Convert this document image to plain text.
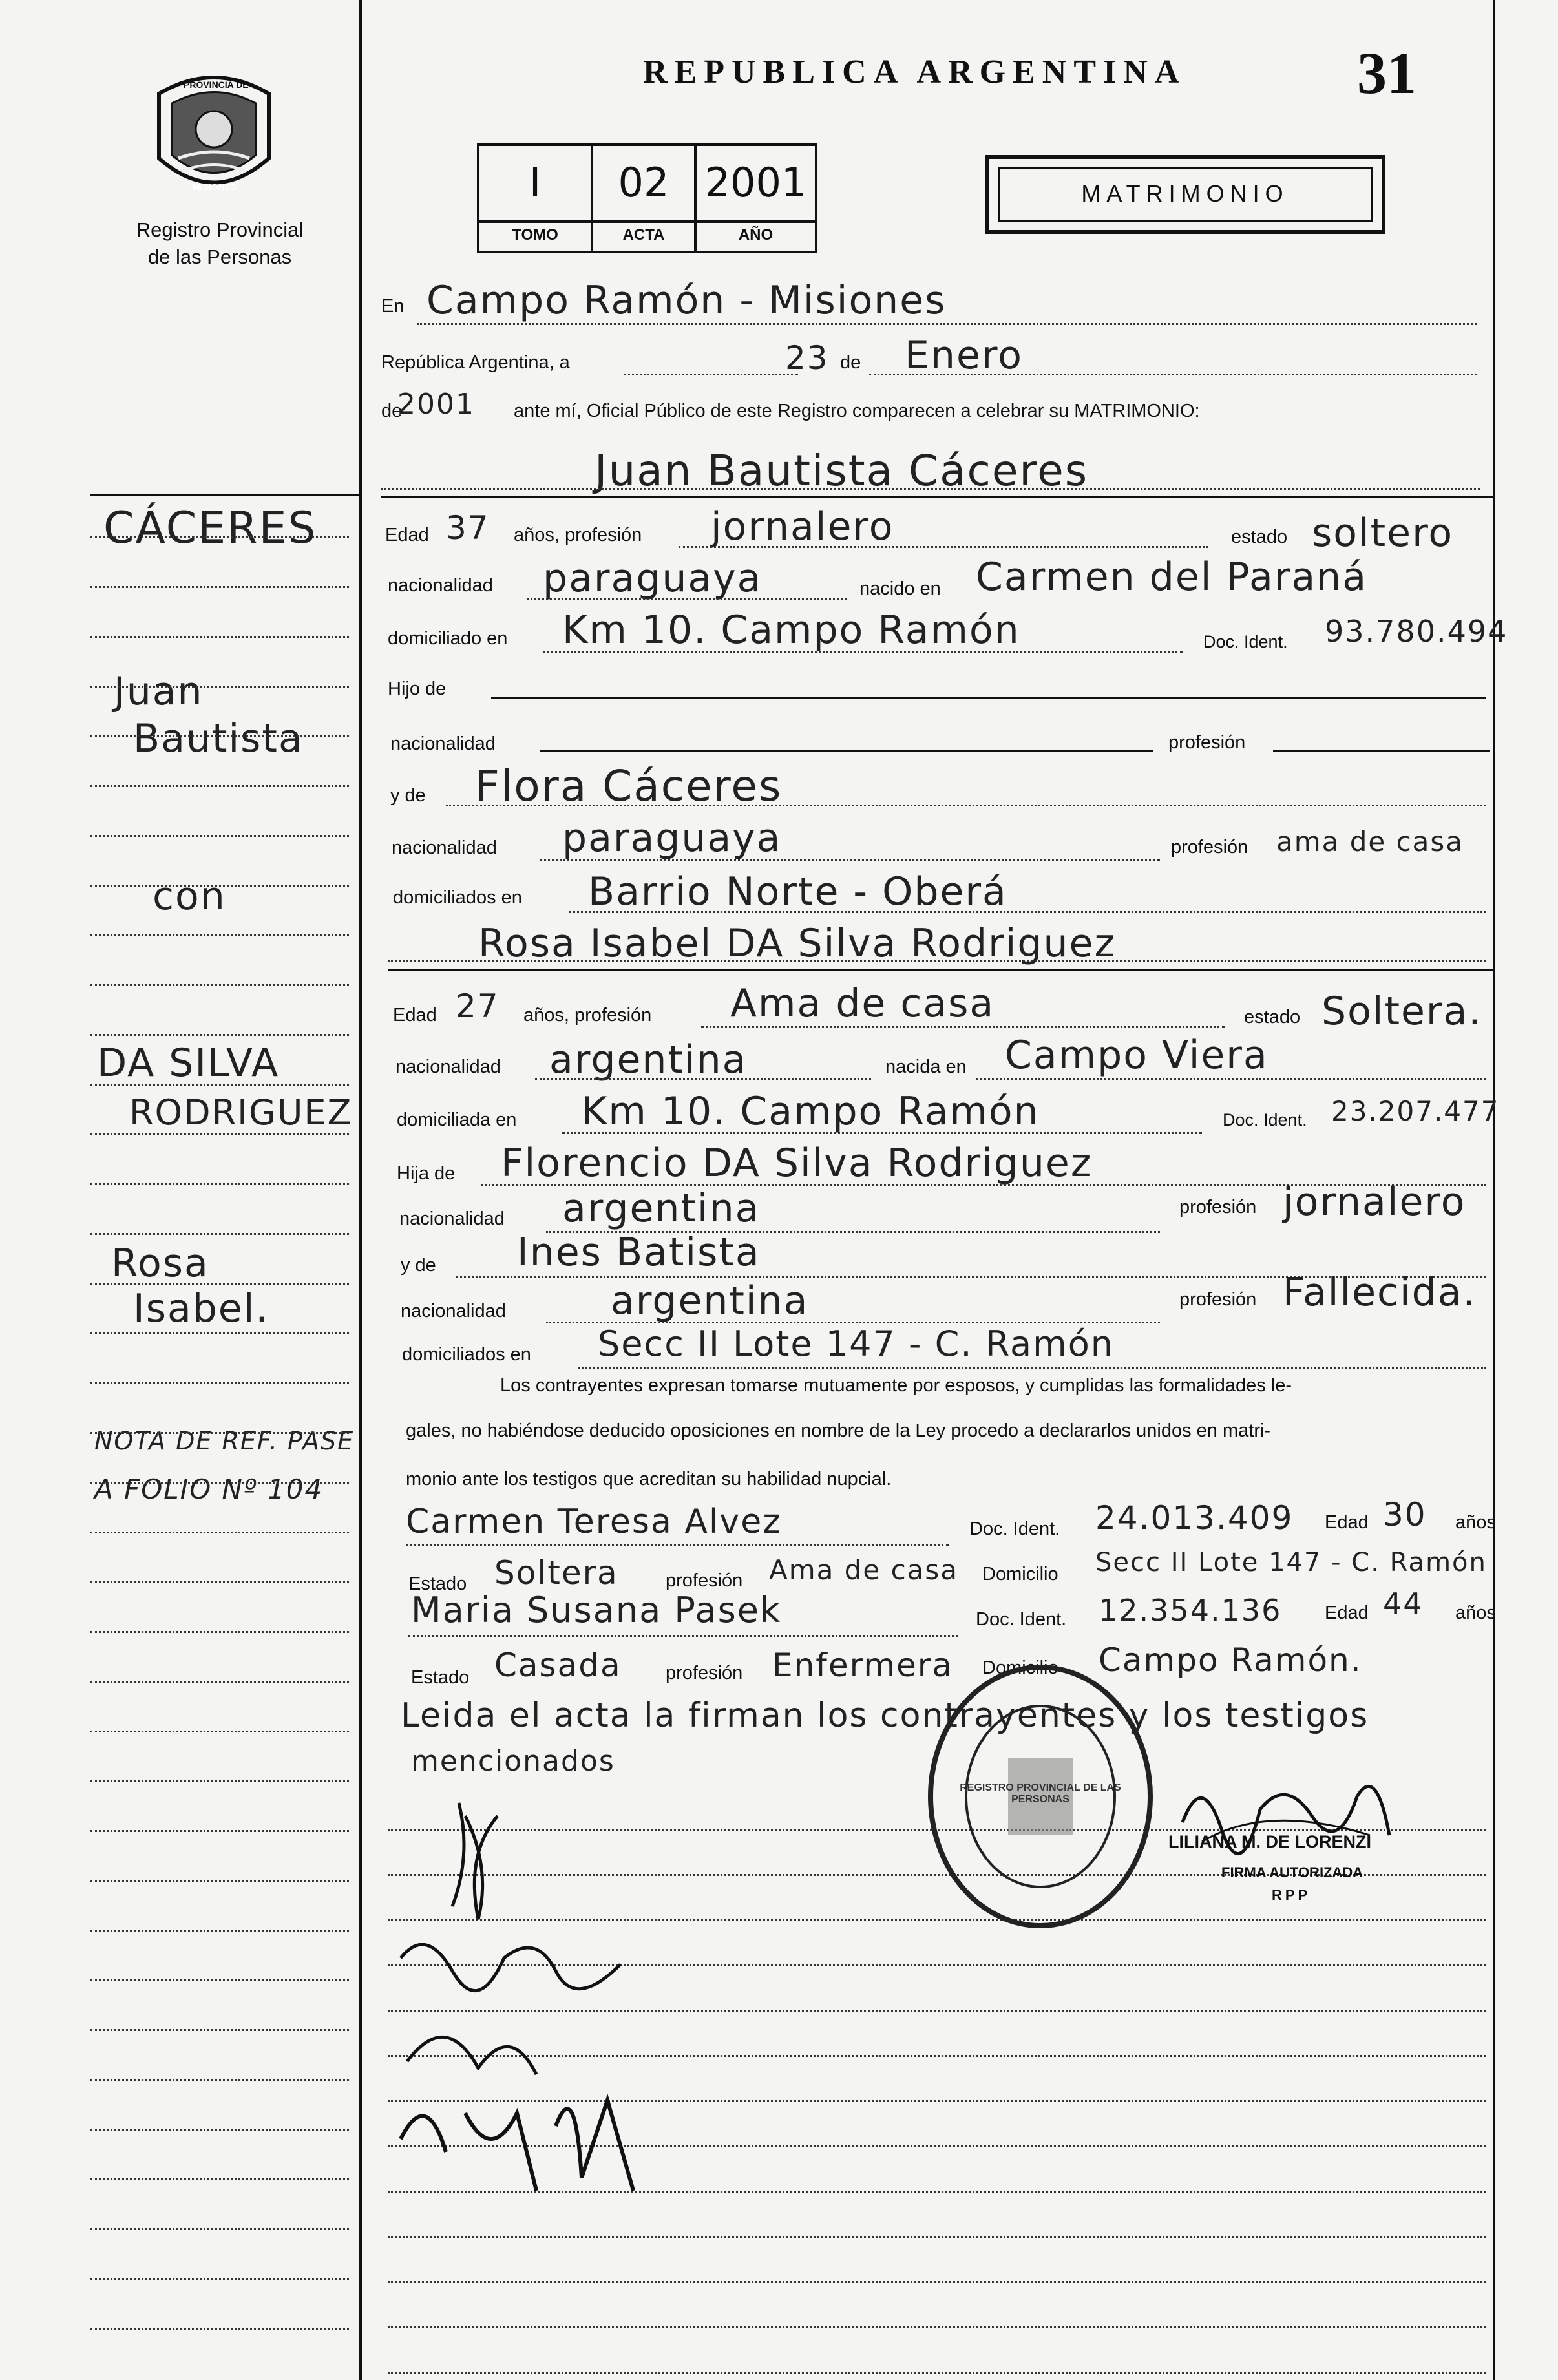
PROVINCIA DE
MISIONES
Registro Provincial
de las Personas
REPUBLICA ARGENTINA	31
I	02 2001
TOMO	ACTA	AÑO
MATRIMONIO
CÁCERES
Juan
Bautista
con
DA SILVA
RODRIGUEZ
Rosa
Isabel.
NOTA DE REF. PASE
A FOLIO Nº 104
En Campo Ramón - Misiones
República Argentina, a	23 de Enero
de
2001 ante mí, Oficial Público de este Registro comparecen a celebrar su MATRIMONIO:
Juan Bautista Cáceres
Edad 37 años, profesión jornalero	estado soltero
nacionalidad paraguaya	nacido en Carmen del Paraná
domiciliado en Km 10. Campo Ramón	Doc. Ident. 93.780.494
Hijo de
nacionalidad	profesión
y de Flora Cáceres
nacionalidad paraguaya	profesión ama de casa
domiciliados en Barrio Norte - Oberá
Rosa Isabel DA Silva Rodriguez
Edad 27 años, profesión Ama de casa	estado Soltera.
nacionalidad argentina	nacida en Campo Viera
domiciliada en Km 10. Campo Ramón	Doc. Ident. 23.207.477
Hija de Florencio DA Silva Rodriguez
nacionalidad argentina	profesión jornalero
y de Ines Batista
nacionalidad	argentina	profesión Fallecida.
domiciliados en Secc II Lote 147 - C. Ramón
Los contrayentes expresan tomarse mutuamente por esposos, y cumplidas las formalidades le-
gales, no habiéndose deducido oposiciones en nombre de la Ley procedo a declararlos unidos en matri-
monio ante los testigos que acreditan su habilidad nupcial.
Carmen Teresa Alvez	Doc. Ident. 24.013.409 Edad 30 años
Estado Soltera	profesión Ama de casa Domicilio Secc II Lote 147 - C. Ramón
Maria Susana Pasek	Doc. Ident. 12.354.136 Edad 44 años
Estado Casada profesión Enfermera Domicilio Campo Ramón.
Leida el acta la firman los contrayentes y los testigos
mencionados
REGISTRO PROVINCIAL DE LAS PERSONAS
LILIANA M. DE LORENZI
FIRMA AUTORIZADA
RPP
